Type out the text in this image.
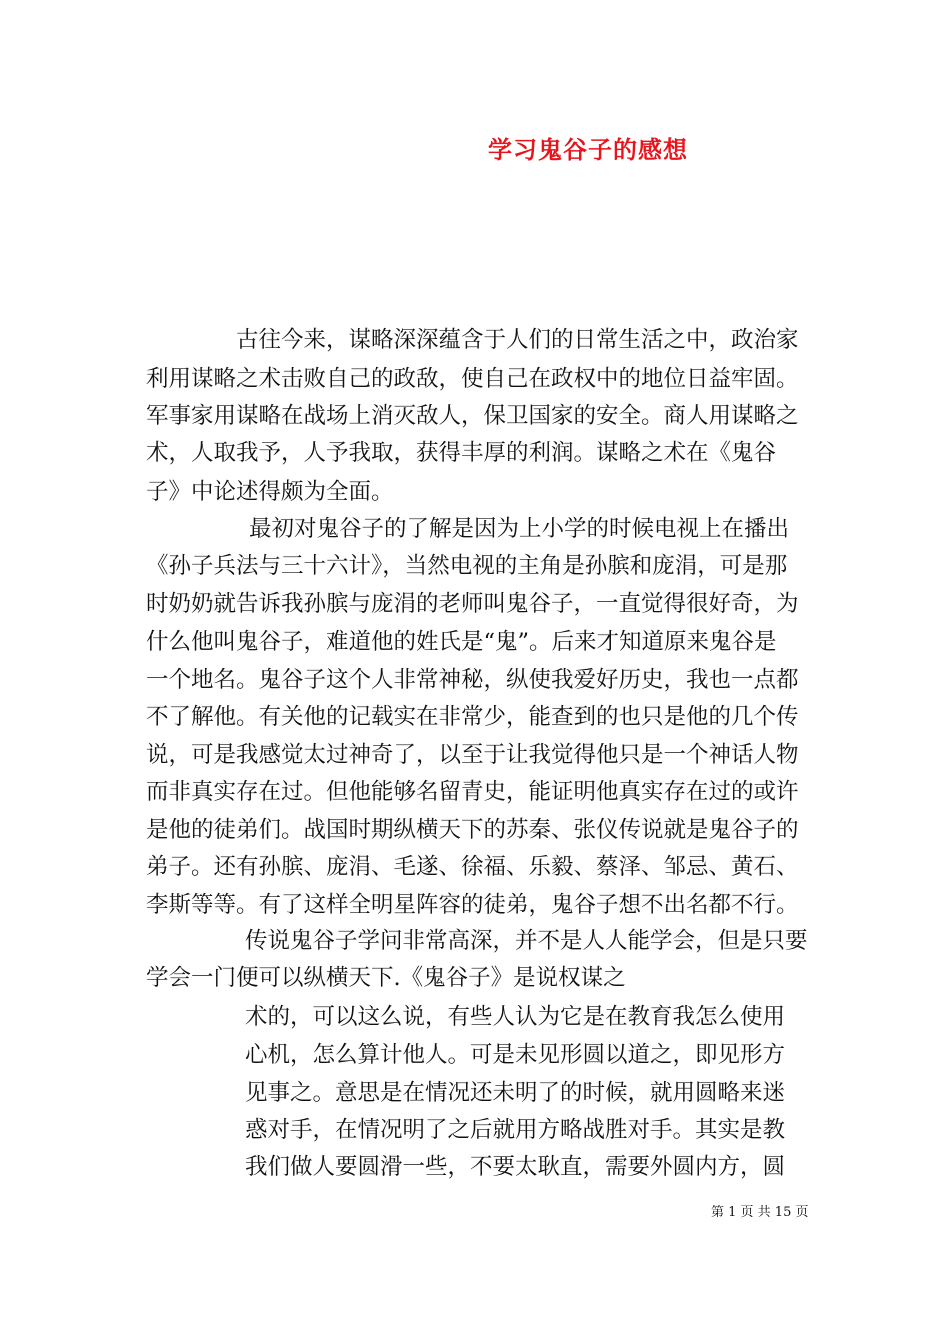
学习鬼谷子的感想
古往今来，谋略深深蕴含于人们的日常生活之中，政治家
利用谋略之术击败自己的政敌，使自己在政权中的地位日益牢固。
军事家用谋略在战场上消灭敌人，保卫国家的安全。商人用谋略之
术，人取我予，人予我取，获得丰厚的利润。谋略之术在《鬼谷
子》中论述得颇为全面。
最初对鬼谷子的了解是因为上小学的时候电视上在播出
《孙子兵法与三十六计》，当然电视的主角是孙膑和庞涓，可是那
时奶奶就告诉我孙膑与庞涓的老师叫鬼谷子，一直觉得很好奇，为
什么他叫鬼谷子，难道他的姓氏是“鬼”。后来才知道原来鬼谷是
一个地名。鬼谷子这个人非常神秘，纵使我爱好历史，我也一点都
不了解他。有关他的记载实在非常少，能查到的也只是他的几个传
说，可是我感觉太过神奇了，以至于让我觉得他只是一个神话人物
而非真实存在过。但他能够名留青史，能证明他真实存在过的或许
是他的徒弟们。战国时期纵横天下的苏秦、张仪传说就是鬼谷子的
弟子。还有孙膑、庞涓、毛遂、徐福、乐毅、蔡泽、邹忌、黄石、
李斯等等。有了这样全明星阵容的徒弟，鬼谷子想不出名都不行。
传说鬼谷子学问非常高深，并不是人人能学会，但是只要
学会一门便可以纵横天下.《鬼谷子》是说权谋之
术的，可以这么说，有些人认为它是在教育我怎么使用
心机，怎么算计他人。可是未见形圆以道之，即见形方
见事之。意思是在情况还未明了的时候，就用圆略来迷
惑对手，在情况明了之后就用方略战胜对手。其实是教
我们做人要圆滑一些，不要太耿直，需要外圆内方，圆
第 1 页 共 15 页
